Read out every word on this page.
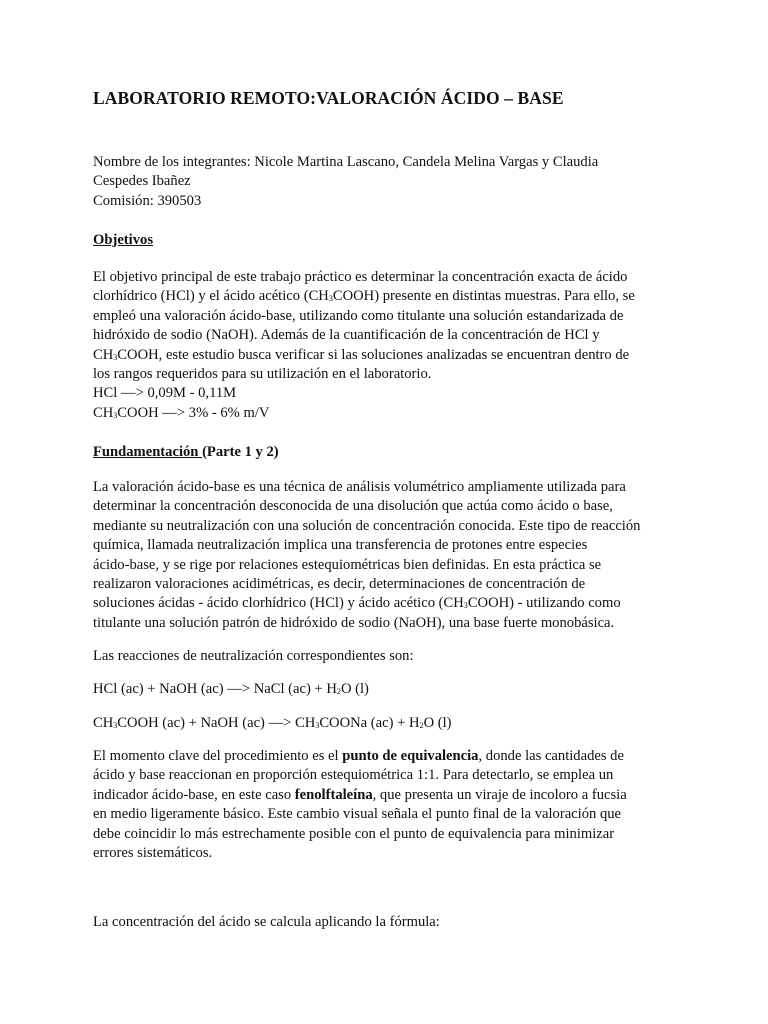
LABORATORIO REMOTO:VALORACIÓN ÁCIDO – BASE

Nombre de los integrantes: Nicole Martina Lascano, Candela Melina Vargas y Claudia
Cespedes Ibañez
Comisión: 390503

Objetivos

El objetivo principal de este trabajo práctico es determinar la concentración exacta de ácido
clorhídrico (HCl) y el ácido acético $(CH_3COOH)$ presente en distintas muestras. Para ello, se
empleó una valoración ácido-base, utilizando como titulante una solución estandarizada de
hidróxido de sodio (NaOH). Además de la cuantificación de la concentración de HCl y
$CH_3COOH$, este estudio busca verificar si las soluciones analizadas se encuentran dentro de
los rangos requeridos para su utilización en el laboratorio.
HCl —> 0,09M - 0,11M
$CH_3COOH$ —> 3% - 6% m/V

Fundamentación (Parte 1 y 2)

La valoración ácido-base es una técnica de análisis volumétrico ampliamente utilizada para
determinar la concentración desconocida de una disolución que actúa como ácido o base,
mediante su neutralización con una solución de concentración conocida. Este tipo de reacción
química, llamada neutralización implica una transferencia de protones entre especies
ácido-base, y se rige por relaciones estequiométricas bien definidas. En esta práctica se
realizaron valoraciones acidimétricas, es decir, determinaciones de concentración de
soluciones ácidas - ácido clorhídrico (HCl) y ácido acético $(CH_3COOH)$ - utilizando como
titulante una solución patrón de hidróxido de sodio (NaOH), una base fuerte monobásica.

Las reacciones de neutralización correspondientes son:

HCl (ac) + NaOH (ac) —> NaCl $(ac) + H_2O$ (l)

$CH_3COOH$ (ac) + NaOH (ac) —> $CH_3COONa$ $(ac) + H_2O$ (l)

El momento clave del procedimiento es el punto de equivalencia, donde las cantidades de
ácido y base reaccionan en proporción estequiométrica 1:1. Para detectarlo, se emplea un
indicador ácido-base, en este caso fenolftaleína, que presenta un viraje de incoloro a fucsia
en medio ligeramente básico. Este cambio visual señala el punto final de la valoración que
debe coincidir lo más estrechamente posible con el punto de equivalencia para minimizar
errores sistemáticos.

La concentración del ácido se calcula aplicando la fórmula:
